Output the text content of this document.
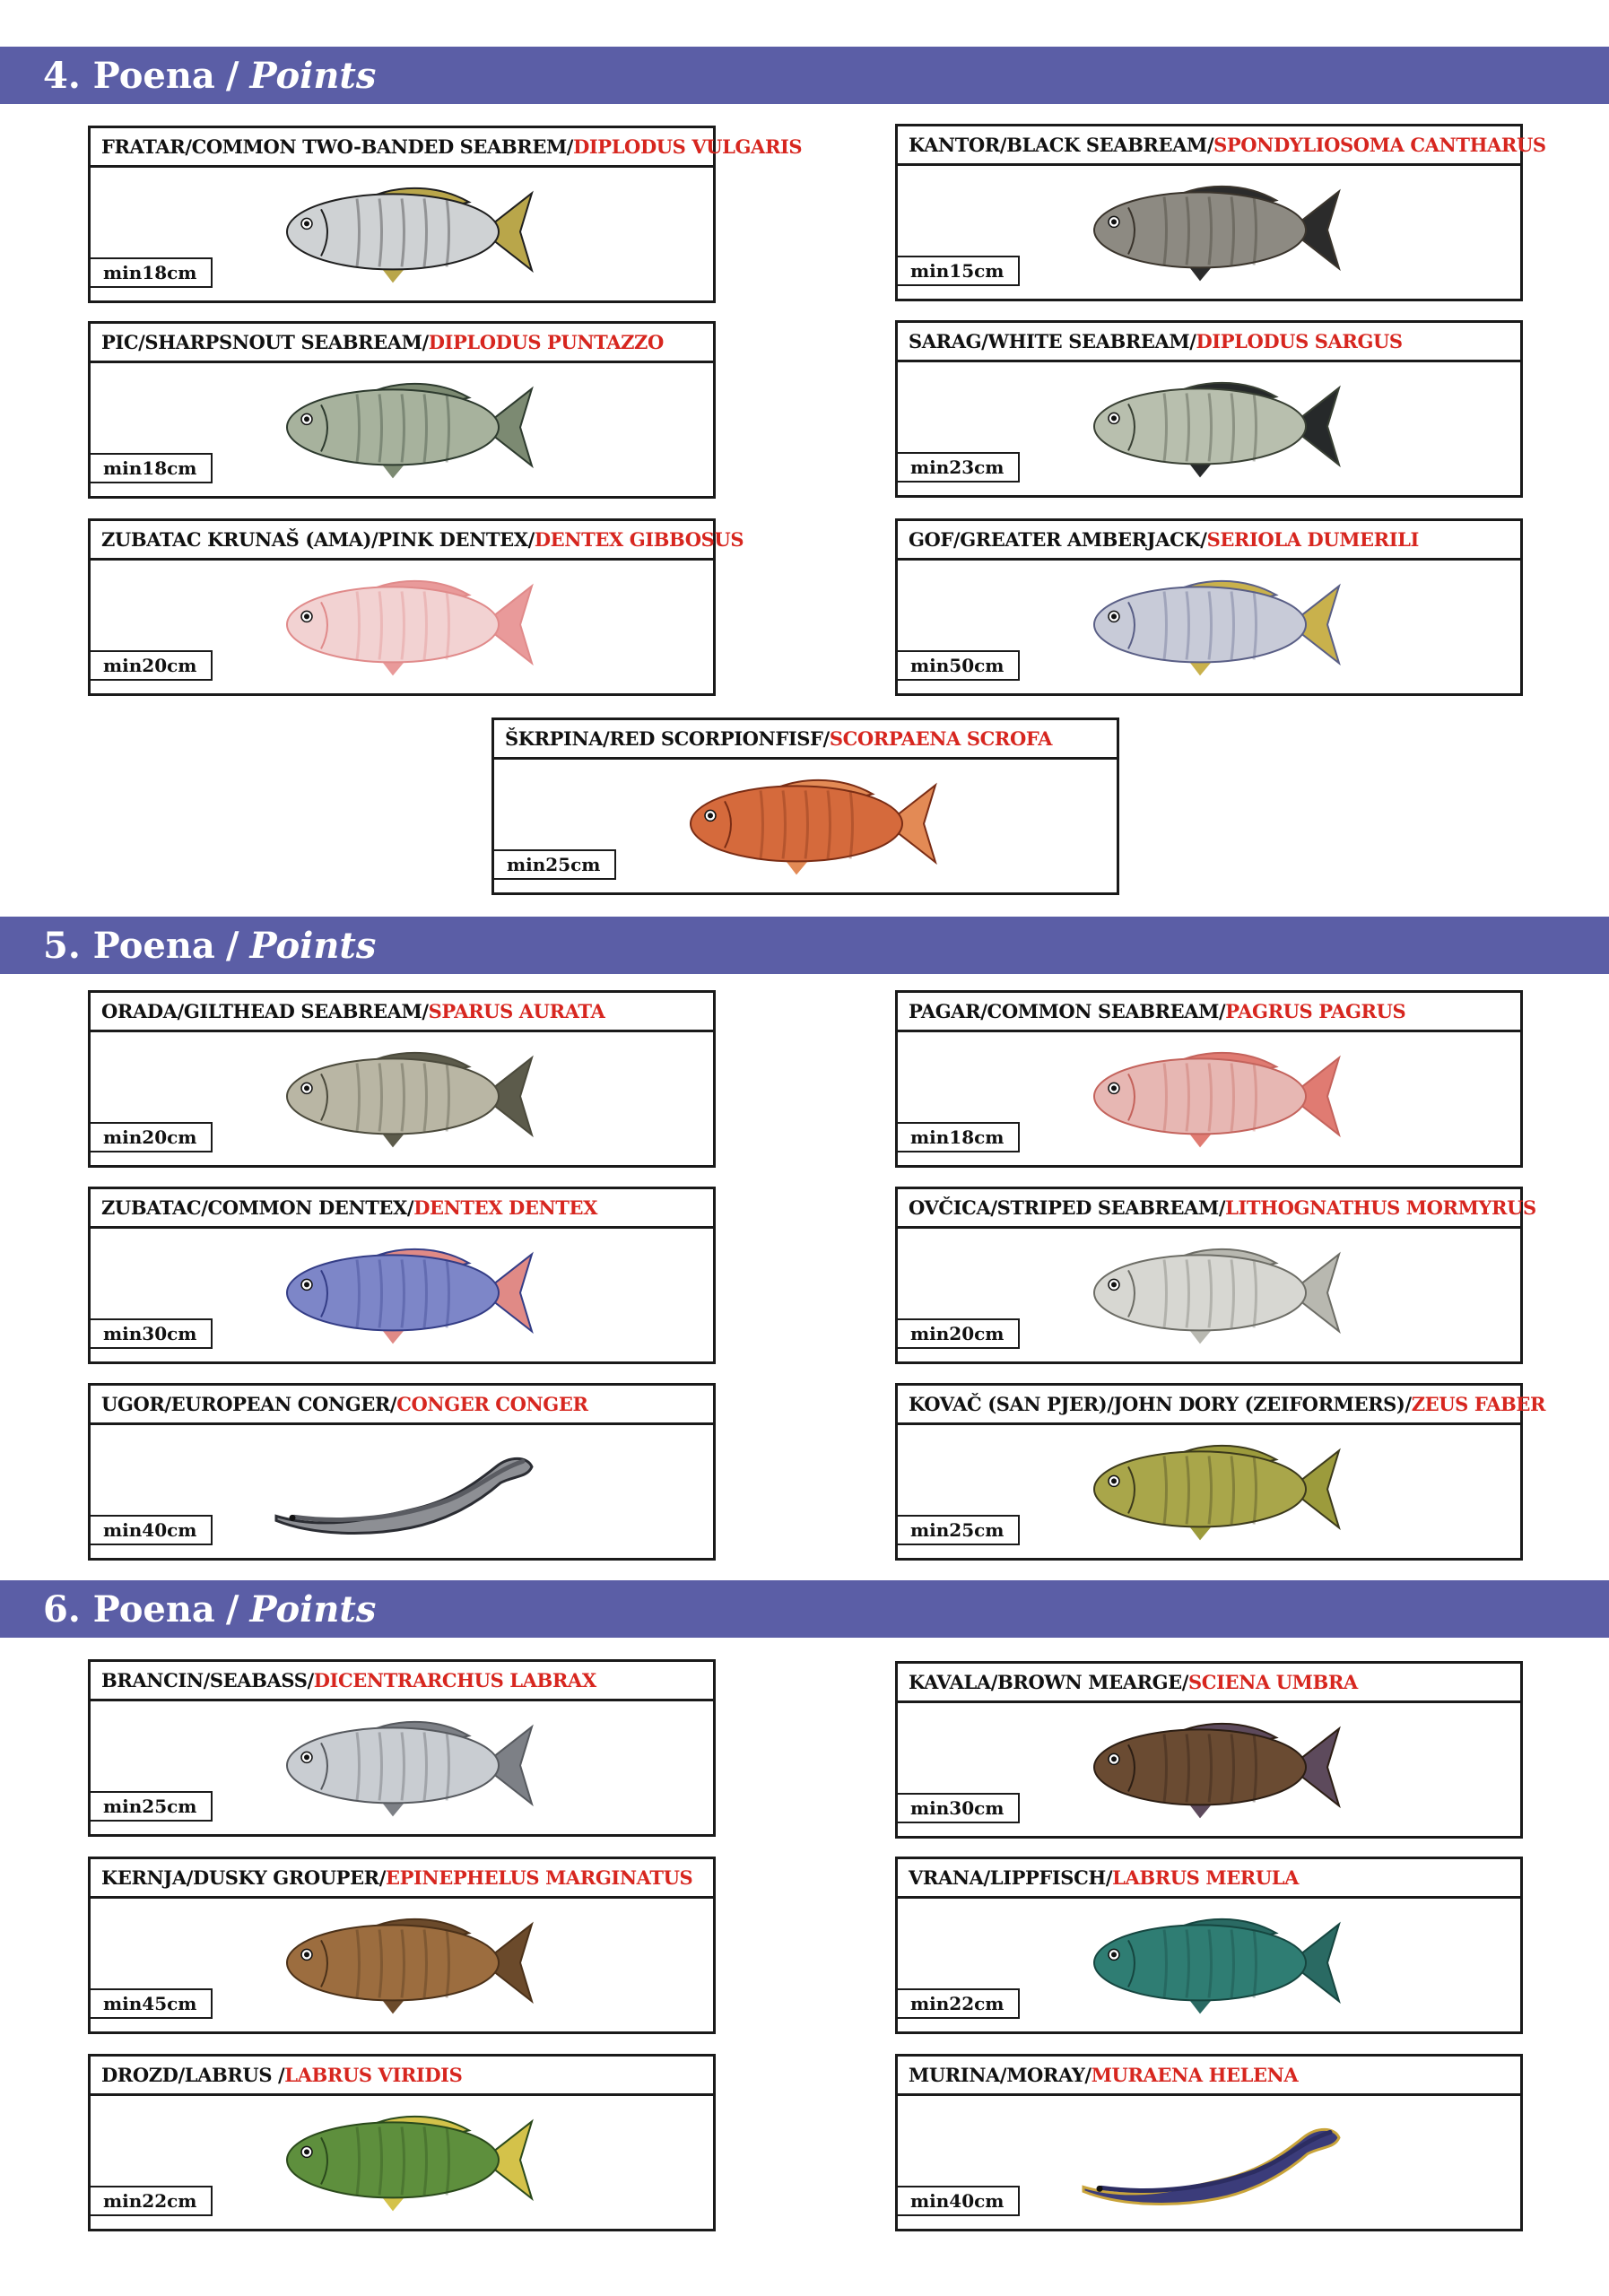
4. Poena / Points
FRATAR/COMMON TWO-BANDED SEABREM/ DIPLODUS VULGARIS
min18cm
KANTOR/BLACK SEABREAM/ SPONDYLIOSOMA CANTHARUS
min15cm
PIC/SHARPSNOUT SEABREAM/ DIPLODUS PUNTAZZO
min18cm
SARAG/WHITE SEABREAM/ DIPLODUS SARGUS
min23cm
ZUBATAC KRUNAŠ (AMA)/PINK DENTEX/ DENTEX GIBBOSUS
min20cm
GOF/GREATER AMBERJACK/ SERIOLA DUMERILI
min50cm
ŠKRPINA/RED SCORPIONFISF/ SCORPAENA SCROFA
min25cm
5. Poena / Points
ORADA/GILTHEAD SEABREAM/ SPARUS AURATA
min20cm
PAGAR/COMMON SEABREAM/ PAGRUS PAGRUS
min18cm
ZUBATAC/COMMON DENTEX/ DENTEX DENTEX
min30cm
OVČICA/STRIPED SEABREAM/ LITHOGNATHUS MORMYRUS
min20cm
UGOR/EUROPEAN CONGER/ CONGER CONGER
min40cm
KOVAČ (SAN PJER)/JOHN DORY (ZEIFORMERS)/ ZEUS FABER
min25cm
6. Poena / Points
BRANCIN/SEABASS/ DICENTRARCHUS LABRAX
min25cm
KAVALA/BROWN MEARGE/ SCIENA UMBRA
min30cm
KERNJA/DUSKY GROUPER/ EPINEPHELUS MARGINATUS
min45cm
VRANA/LIPPFISCH/ LABRUS MERULA
min22cm
DROZD/LABRUS / LABRUS VIRIDIS
min22cm
MURINA/MORAY/ MURAENA HELENA
min40cm
